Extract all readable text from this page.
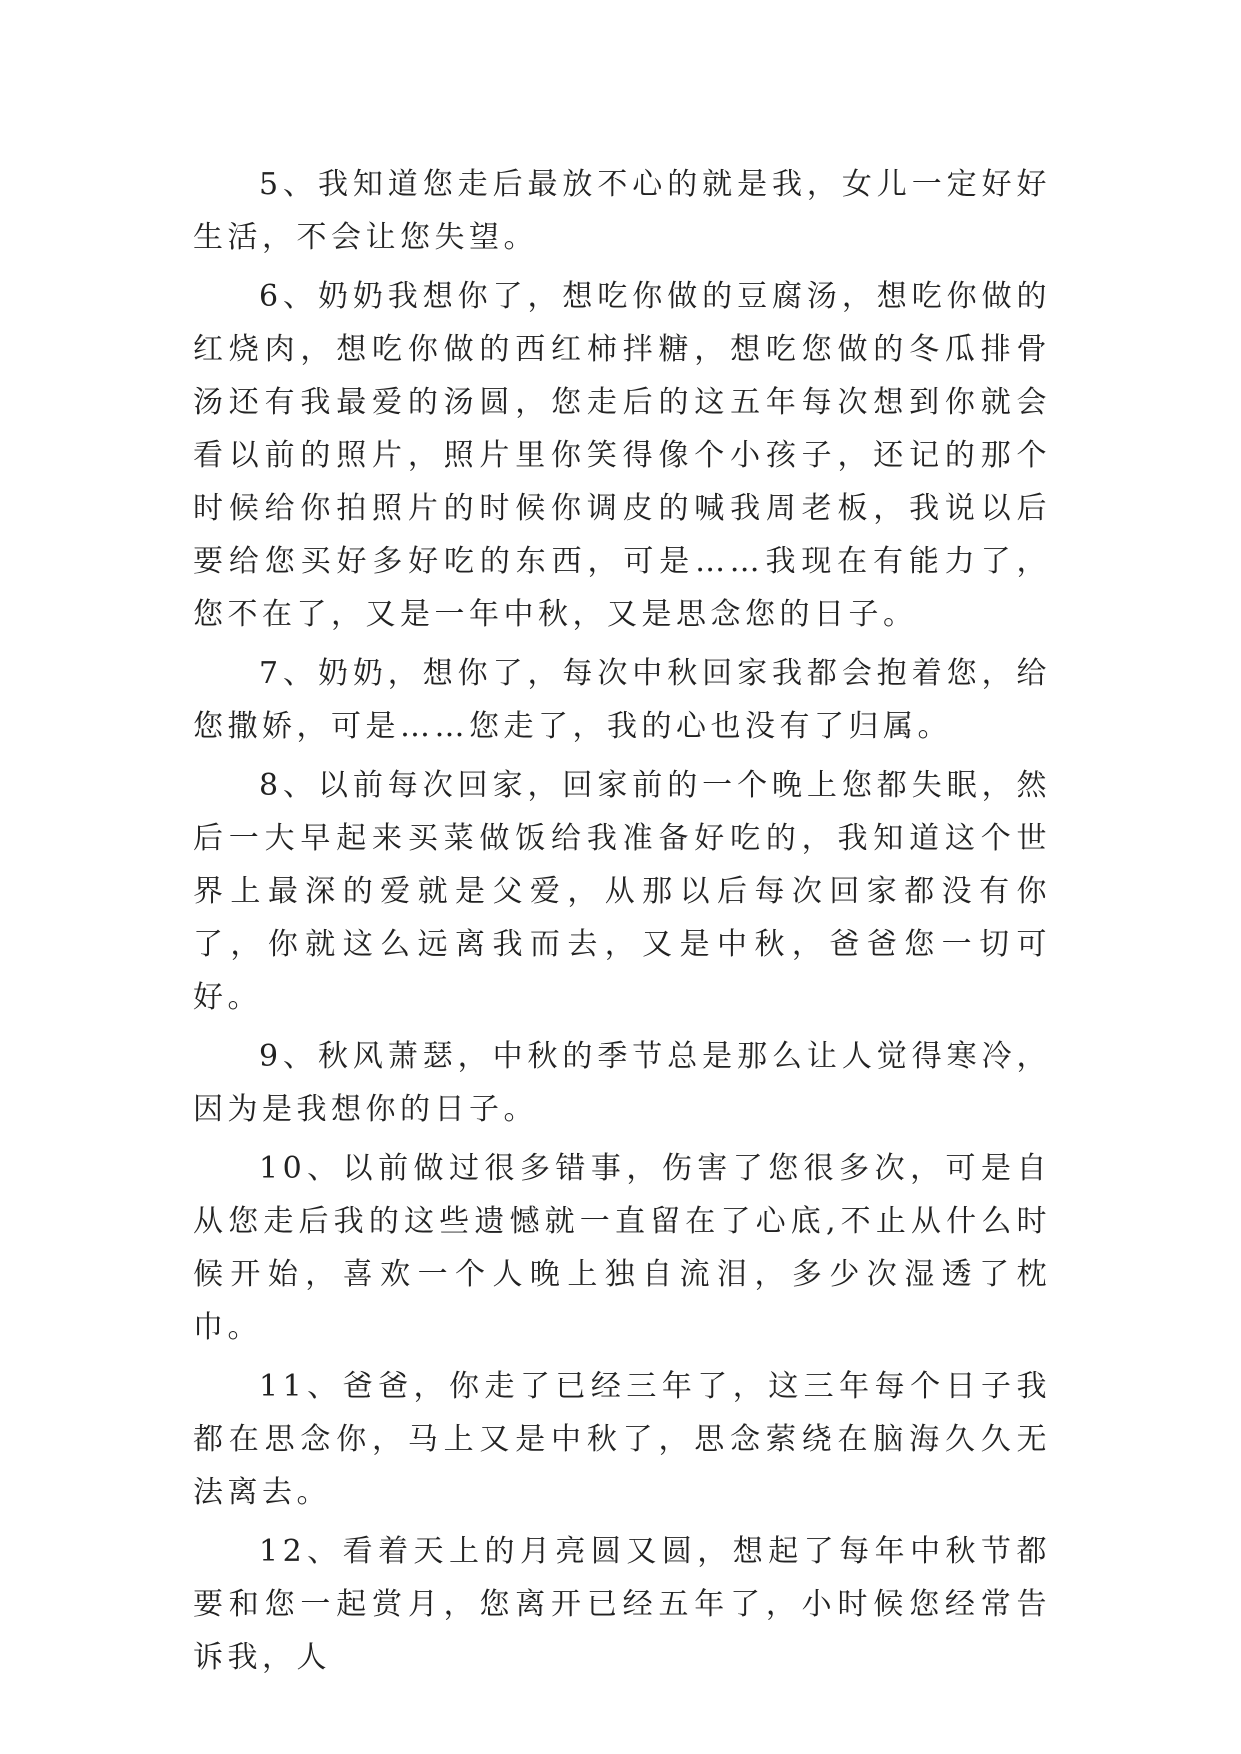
5、我知道您走后最放不心的就是我，女儿一定好好生活，不会让您失望。

6、奶奶我想你了，想吃你做的豆腐汤，想吃你做的红烧肉，想吃你做的西红柿拌糖，想吃您做的冬瓜排骨汤还有我最爱的汤圆，您走后的这五年每次想到你就会看以前的照片，照片里你笑得像个小孩子，还记的那个时候给你拍照片的时候你调皮的喊我周老板，我说以后要给您买好多好吃的东西，可是……我现在有能力了，您不在了，又是一年中秋，又是思念您的日子。

7、奶奶，想你了，每次中秋回家我都会抱着您，给您撒娇，可是……您走了，我的心也没有了归属。

8、以前每次回家，回家前的一个晚上您都失眠，然后一大早起来买菜做饭给我准备好吃的，我知道这个世界上最深的爱就是父爱，从那以后每次回家都没有你了，你就这么远离我而去，又是中秋，爸爸您一切可好。

9、秋风萧瑟，中秋的季节总是那么让人觉得寒冷，因为是我想你的日子。

10、以前做过很多错事，伤害了您很多次，可是自从您走后我的这些遗憾就一直留在了心底,不止从什么时候开始，喜欢一个人晚上独自流泪，多少次湿透了枕巾。

11、爸爸，你走了已经三年了，这三年每个日子我都在思念你，马上又是中秋了，思念萦绕在脑海久久无法离去。

12、看着天上的月亮圆又圆，想起了每年中秋节都要和您一起赏月，您离开已经五年了，小时候您经常告诉我，人
